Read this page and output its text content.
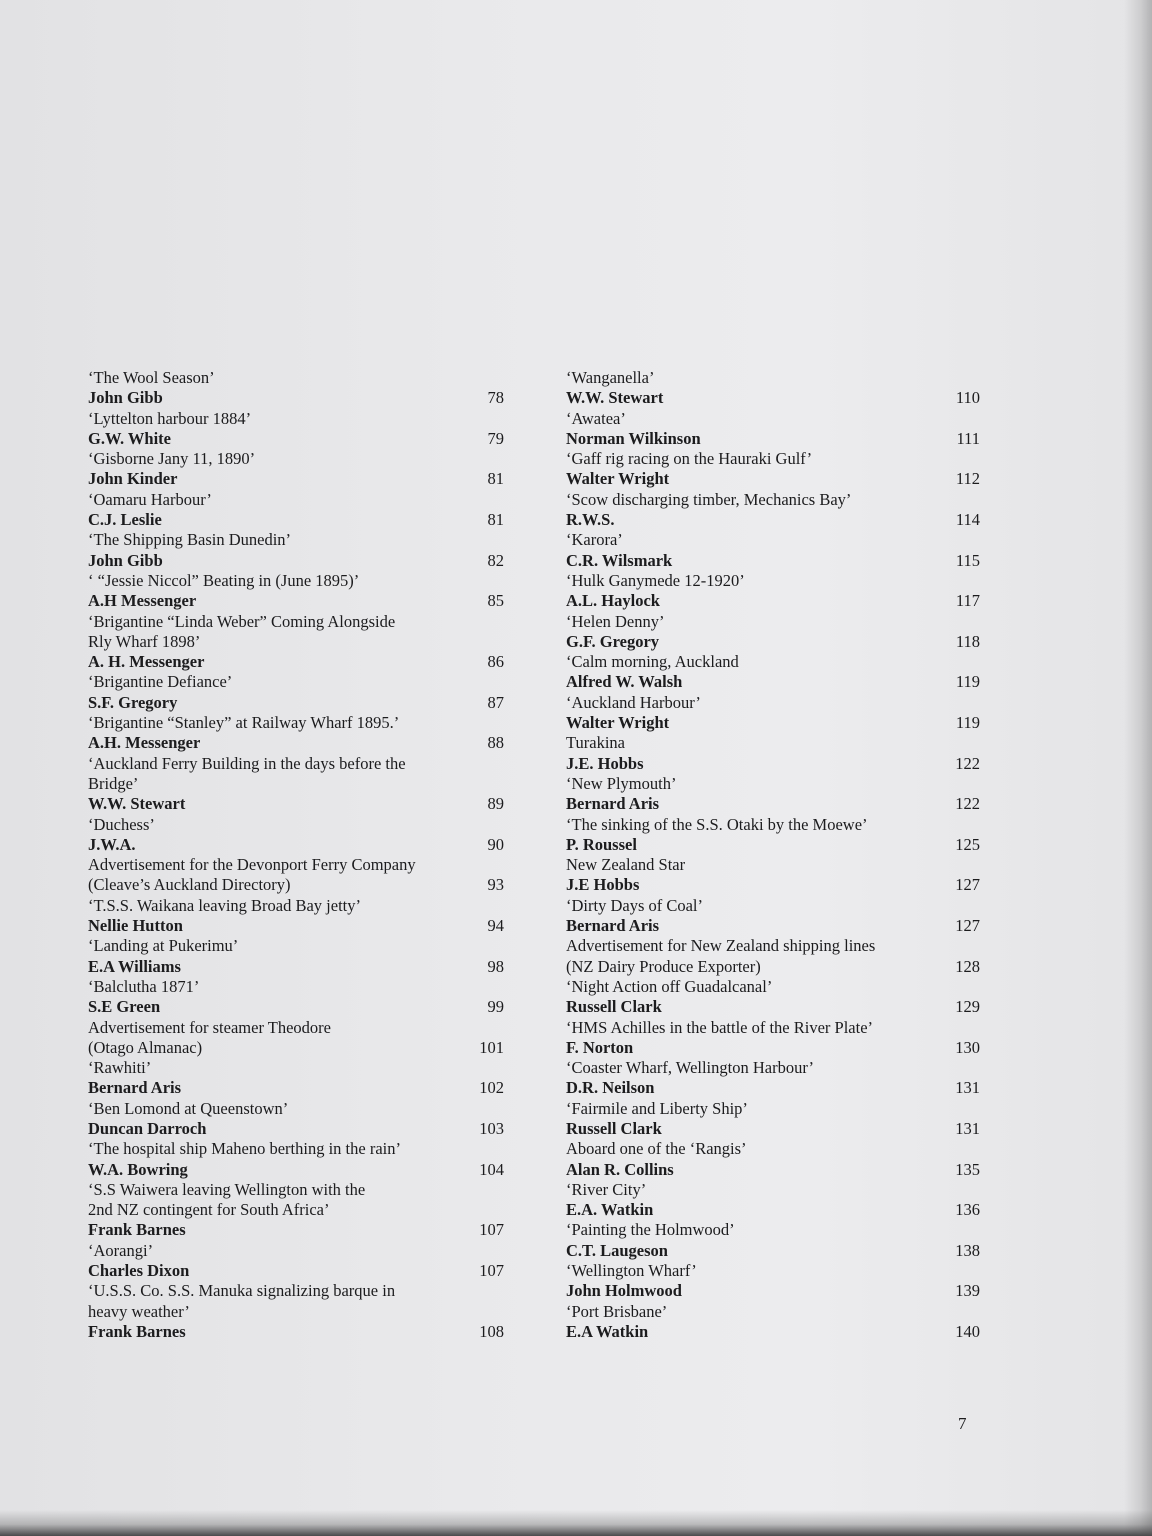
‘The Wool Season’
John Gibb	78
‘Lyttelton harbour 1884’
G.W. White	79
‘Gisborne Jany 11, 1890’
John Kinder	81
‘Oamaru Harbour’
C.J. Leslie	81
‘The Shipping Basin Dunedin’
John Gibb	82
‘ “Jessie Niccol” Beating in (June 1895)’
A.H Messenger	85
‘Brigantine “Linda Weber” Coming Alongside
Rly Wharf 1898’
A. H. Messenger	86
‘Brigantine Defiance’
S.F. Gregory	87
‘Brigantine “Stanley” at Railway Wharf 1895.’
A.H. Messenger	88
‘Auckland Ferry Building in the days before the
Bridge’
W.W. Stewart	89
‘Duchess’
J.W.A.	90
Advertisement for the Devonport Ferry Company
(Cleave’s Auckland Directory)	93
‘T.S.S. Waikana leaving Broad Bay jetty’
Nellie Hutton	94
‘Landing at Pukerimu’
E.A Williams	98
‘Balclutha 1871’
S.E Green	99
Advertisement for steamer Theodore
(Otago Almanac)	101
‘Rawhiti’
Bernard Aris	102
‘Ben Lomond at Queenstown’
Duncan Darroch	103
‘The hospital ship Maheno berthing in the rain’
W.A. Bowring	104
‘S.S Waiwera leaving Wellington with the
2nd NZ contingent for South Africa’
Frank Barnes	107
‘Aorangi’
Charles Dixon	107
‘U.S.S. Co. S.S. Manuka signalizing barque in
heavy weather’
Frank Barnes	108
‘Wanganella’
W.W. Stewart	110
‘Awatea’
Norman Wilkinson	111
‘Gaff rig racing on the Hauraki Gulf’
Walter Wright	112
‘Scow discharging timber, Mechanics Bay’
R.W.S.	114
‘Karora’
C.R. Wilsmark	115
‘Hulk Ganymede 12-1920’
A.L. Haylock	117
‘Helen Denny’
G.F. Gregory	118
‘Calm morning, Auckland
Alfred W. Walsh	119
‘Auckland Harbour’
Walter Wright	119
Turakina
J.E. Hobbs	122
‘New Plymouth’
Bernard Aris	122
‘The sinking of the S.S. Otaki by the Moewe’
P. Roussel	125
New Zealand Star
J.E Hobbs	127
‘Dirty Days of Coal’
Bernard Aris	127
Advertisement for New Zealand shipping lines
(NZ Dairy Produce Exporter)	128
‘Night Action off Guadalcanal’
Russell Clark	129
‘HMS Achilles in the battle of the River Plate’
F. Norton	130
‘Coaster Wharf, Wellington Harbour’
D.R. Neilson	131
‘Fairmile and Liberty Ship’
Russell Clark	131
Aboard one of the ‘Rangis’
Alan R. Collins	135
‘River City’
E.A. Watkin	136
‘Painting the Holmwood’
C.T. Laugeson	138
‘Wellington Wharf’
John Holmwood	139
‘Port Brisbane’
E.A Watkin	140
7
